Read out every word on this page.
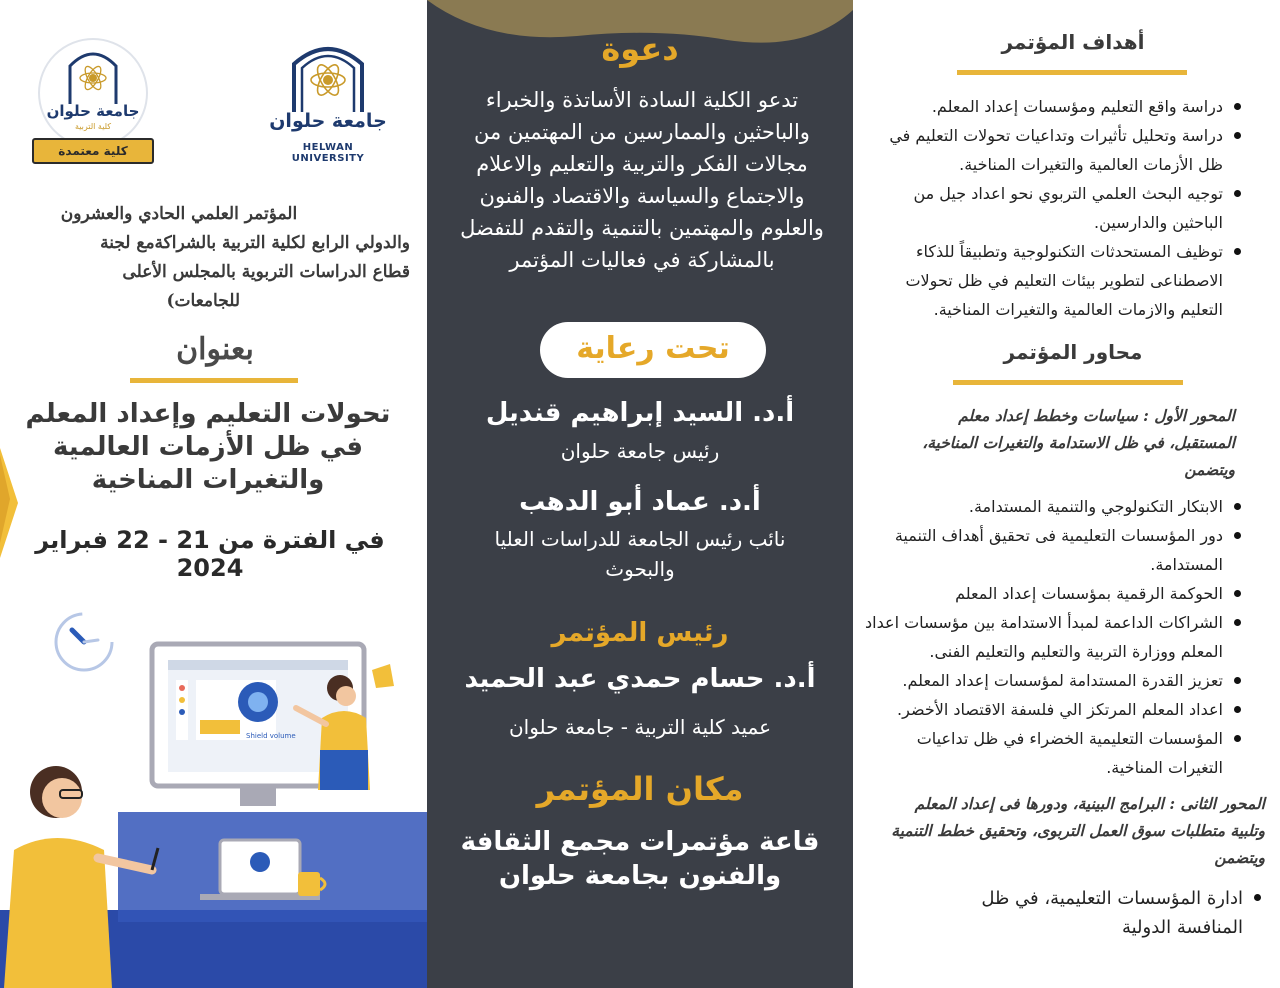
جامعة حلوان
HELWAN UNIVERSITY
جامعة حلوان
كلية التربية
كلية معتمدة
المؤتمر العلمي الحادي والعشرون
والدولي الرابع لكلية التربية بالشراكةمع لجنة
قطاع الدراسات التربوية بالمجلس الأعلى
للجامعات)
بعنوان
تحولات التعليم وإعداد المعلم في ظل الأزمات العالمية والتغيرات المناخية
في الفترة من 21 - 22 فبراير 2024
Shield volume
دعوة
تدعو الكلية السادة الأساتذة والخبراء والباحثين والممارسين من المهتمين من مجالات الفكر والتربية والتعليم والاعلام والاجتماع والسياسة والاقتصاد والفنون والعلوم والمهتمين بالتنمية والتقدم للتفضل بالمشاركة في فعاليات المؤتمر
تحت رعاية
أ.د. السيد إبراهيم قنديل
رئيس جامعة حلوان
أ.د. عماد أبو الدهب
نائب رئيس الجامعة للدراسات العليا والبحوث
رئيس المؤتمر
أ.د. حسام حمدي عبد الحميد
عميد كلية التربية - جامعة حلوان
مكان المؤتمر
قاعة مؤتمرات مجمع الثقافة والفنون بجامعة حلوان
أهداف المؤتمر
دراسة واقع التعليم ومؤسسات إعداد المعلم.
دراسة وتحليل تأثيرات وتداعيات تحولات التعليم في ظل الأزمات العالمية والتغيرات المناخية.
توجيه البحث العلمي التربوي نحو اعداد جيل من الباحثين والدارسين.
توظيف المستحدثات التكنولوجية وتطبيقاً للذكاء الاصطناعى لتطوير بيئات التعليم في ظل تحولات التعليم والازمات العالمية والتغيرات المناخية.
محاور المؤتمر
المحور الأول : سياسات وخطط إعداد معلم المستقبل، في ظل الاستدامة والتغيرات المناخية، ويتضمن
الابتكار التكنولوجي والتنمية المستدامة.
دور المؤسسات التعليمية فى تحقيق أهداف التنمية المستدامة.
الحوكمة الرقمية بمؤسسات إعداد المعلم
الشراكات الداعمة لمبدأ الاستدامة بين مؤسسات اعداد المعلم ووزارة التربية والتعليم والتعليم الفنى.
تعزيز القدرة المستدامة لمؤسسات إعداد المعلم.
اعداد المعلم المرتكز الي فلسفة الاقتصاد الأخضر.
المؤسسات التعليمية الخضراء في ظل تداعيات التغيرات المناخية.
المحور الثانى : البرامج البينية، ودورها فى إعداد المعلم وتلبية متطلبات سوق العمل التربوى، وتحقيق خطط التنمية ويتضمن
ادارة المؤسسات التعليمية، في ظل المنافسة الدولية
